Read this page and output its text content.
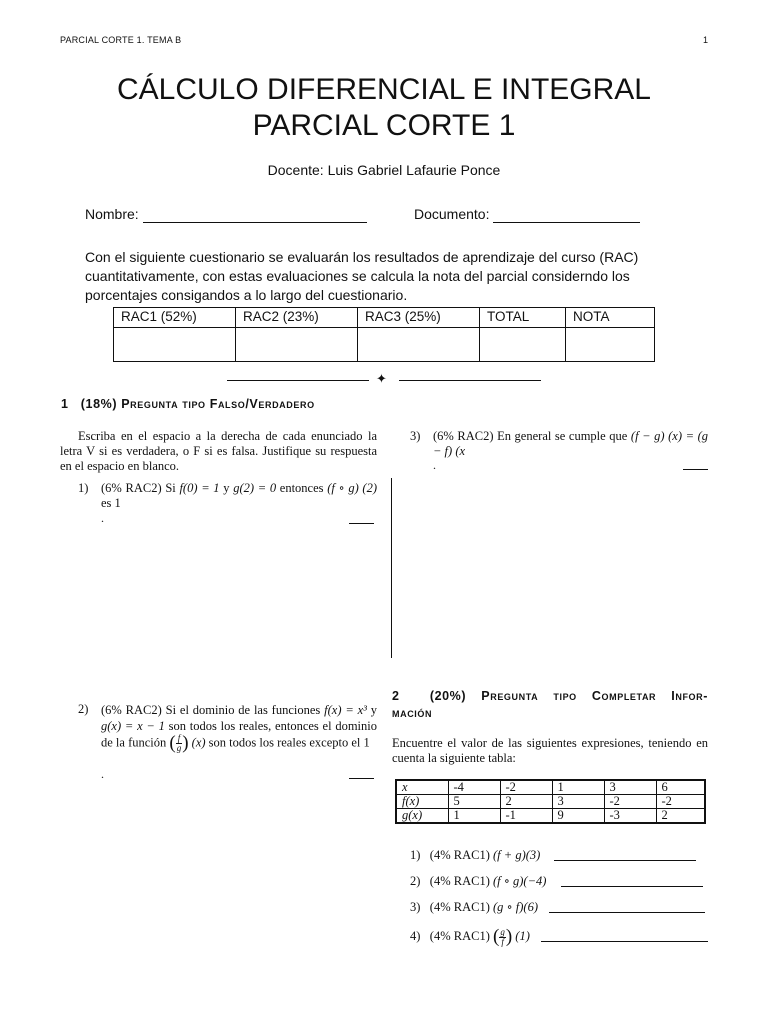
PARCIAL CORTE 1. TEMA B	1
CÁLCULO DIFERENCIAL E INTEGRAL
PARCIAL CORTE 1
Docente: Luis Gabriel Lafaurie Ponce
Nombre:	Documento:
Con el siguiente cuestionario se evaluarán los resultados de aprendizaje del curso (RAC) cuantitativamente, con estas evaluaciones se calcula la nota del parcial considerndo los porcentajes consigandos a lo largo del cuestionario.
RAC1 (52%)	RAC2 (23%)	RAC3 (25%)	TOTAL	NOTA

✦
1 (18%) Pregunta tipo Falso/Verdadero
Escriba en el espacio a la derecha de cada enunciado la letra V si es verdadera, o F si es falsa. Justifique su respuesta en el espacio en blanco.
1) (6% RAC2) Si f(0) = 1 y g(2) = 0 entonces (f ∘ g) (2) es 1
.
2) (6% RAC2) Si el dominio de las funciones f(x) = x³ y g(x) = x − 1 son todos los reales, entonces el dominio de la función ( $\frac{f}{g}$ ) (x) son todos los reales excepto el 1
.
3) (6% RAC2) En general se cumple que (f − g) (x) = (g − f) (x
.
2 (20%) Pregunta tipo Completar Infor-
mación
Encuentre el valor de las siguientes expresiones, teniendo en cuenta la siguiente tabla:
x	-4	-2	1	3	6
f(x)	5	2	3	-2	-2
g(x)	1	-1	9	-3	2
1) (4% RAC1) (f + g)(3)
2) (4% RAC1) (f ∘ g)(−4)
3) (4% RAC1) (g ∘ f)(6)
4) (4% RAC1) ( $\frac{g}{f}$ ) (1)
